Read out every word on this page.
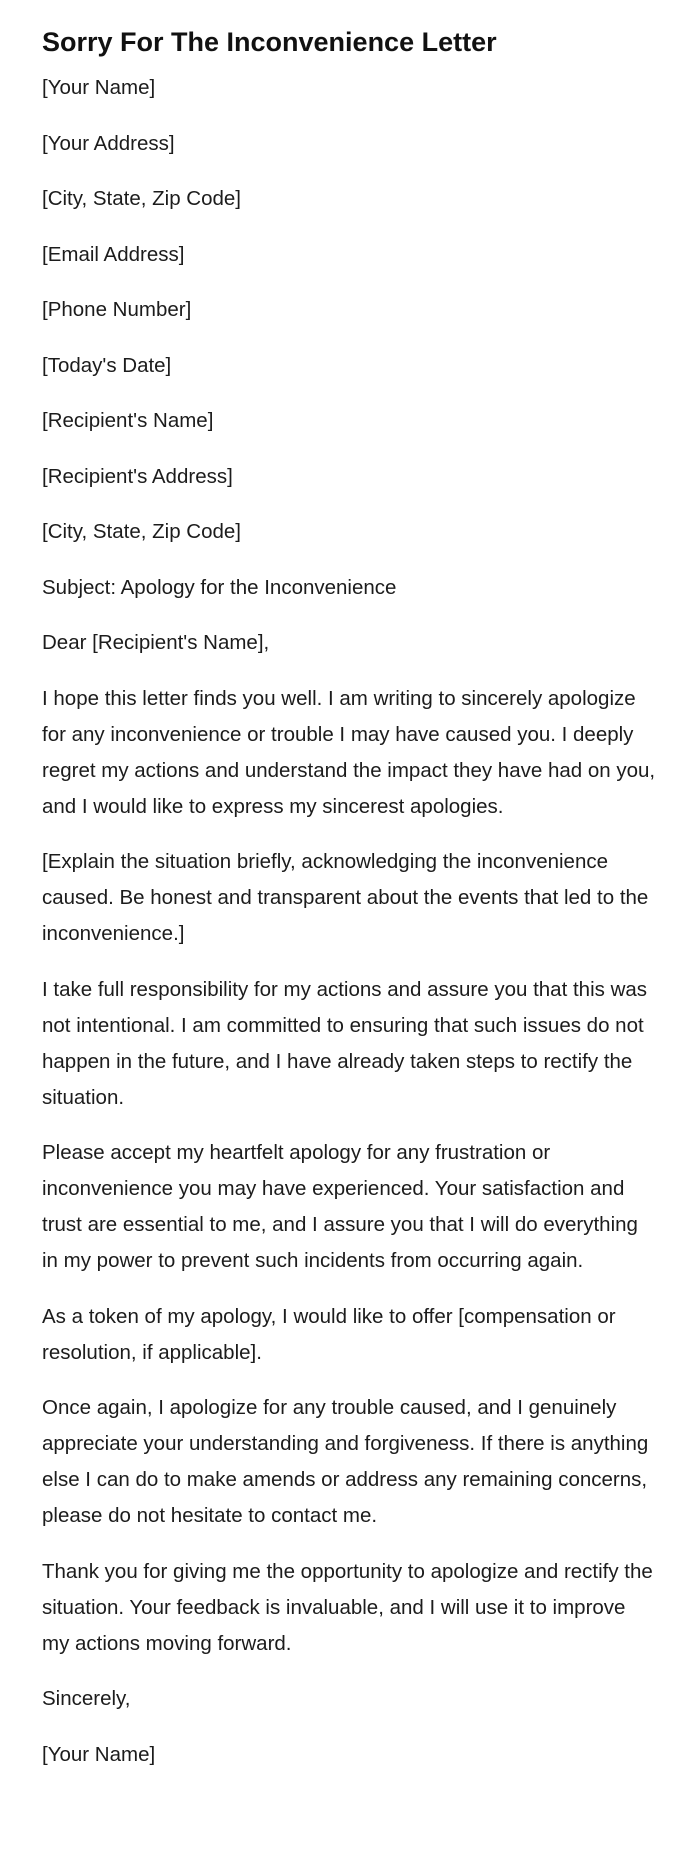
Sorry For The Inconvenience Letter

[Your Name]

[Your Address]

[City, State, Zip Code]

[Email Address]

[Phone Number]

[Today's Date]

[Recipient's Name]

[Recipient's Address]

[City, State, Zip Code]

Subject: Apology for the Inconvenience

Dear [Recipient's Name],

I hope this letter finds you well. I am writing to sincerely apologize for any inconvenience or trouble I may have caused you. I deeply regret my actions and understand the impact they have had on you, and I would like to express my sincerest apologies.

[Explain the situation briefly, acknowledging the inconvenience caused. Be honest and transparent about the events that led to the inconvenience.]

I take full responsibility for my actions and assure you that this was not intentional. I am committed to ensuring that such issues do not happen in the future, and I have already taken steps to rectify the situation.

Please accept my heartfelt apology for any frustration or inconvenience you may have experienced. Your satisfaction and trust are essential to me, and I assure you that I will do everything in my power to prevent such incidents from occurring again.

As a token of my apology, I would like to offer [compensation or resolution, if applicable].

Once again, I apologize for any trouble caused, and I genuinely appreciate your understanding and forgiveness. If there is anything else I can do to make amends or address any remaining concerns, please do not hesitate to contact me.

Thank you for giving me the opportunity to apologize and rectify the situation. Your feedback is invaluable, and I will use it to improve my actions moving forward.

Sincerely,

[Your Name]
